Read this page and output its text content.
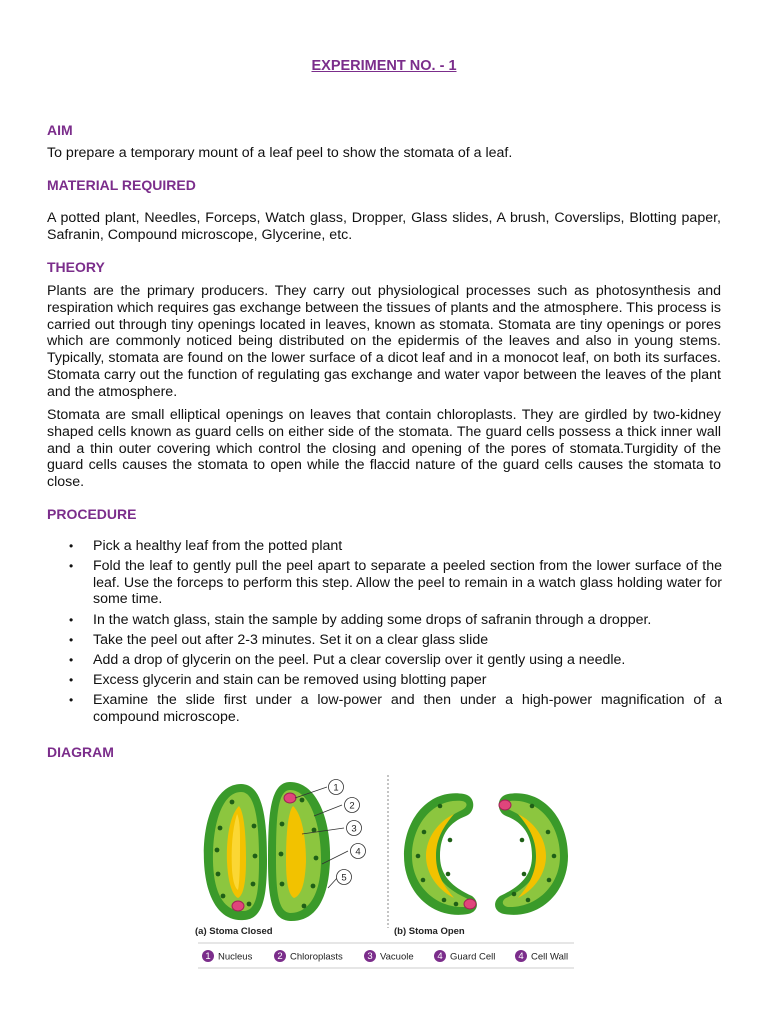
EXPERIMENT NO. - 1
AIM

To prepare a temporary mount of a leaf peel to show the stomata of a leaf.

MATERIAL REQUIRED

A potted plant, Needles, Forceps, Watch glass, Dropper, Glass slides, A brush, Coverslips, Blotting paper, Safranin, Compound microscope, Glycerine, etc.

THEORY

Plants are the primary producers. They carry out physiological processes such as photosynthesis and respiration which requires gas exchange between the tissues of plants and the atmosphere. This process is carried out through tiny openings located in leaves, known as stomata. Stomata are tiny openings or pores which are commonly noticed being distributed on the epidermis of the leaves and also in young stems. Typically, stomata are found on the lower surface of a dicot leaf and in a monocot leaf, on both its surfaces. Stomata carry out the function of regulating gas exchange and water vapor between the leaves of the plant and the atmosphere.

Stomata are small elliptical openings on leaves that contain chloroplasts. They are girdled by two-kidney shaped cells known as guard cells on either side of the stomata. The guard cells possess a thick inner wall and a thin outer covering which control the closing and opening of the pores of stomata.Turgidity of the guard cells causes the stomata to open while the flaccid nature of the guard cells causes the stomata to close.

PROCEDURE
• Pick a healthy leaf from the potted plant
• Fold the leaf to gently pull the peel apart to separate a peeled section from the lower surface of the leaf. Use the forceps to perform this step. Allow the peel to remain in a watch glass holding water for some time.
• In the watch glass, stain the sample by adding some drops of safranin through a dropper.
• Take the peel out after 2-3 minutes. Set it on a clear glass slide
• Add a drop of glycerin on the peel. Put a clear coverslip over it gently using a needle.
• Excess glycerin and stain can be removed using blotting paper
• Examine the slide first under a low-power and then under a high-power magnification of a compound microscope.
DIAGRAM
1
2
3
4
5
(a) Stoma Closed	(b) Stoma Open
1 Nucleus	2 Chloroplasts	3 Vacuole 4 Guard Cell 4 Cell Wall
